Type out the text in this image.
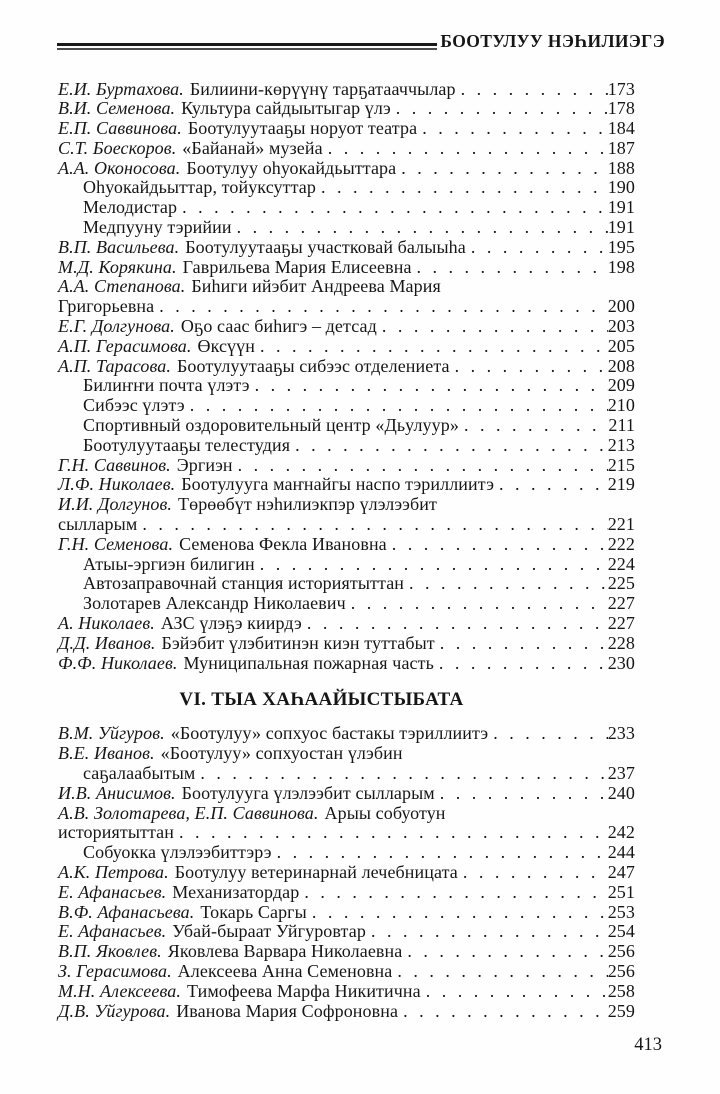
БООТУЛУУ НЭҺИЛИЭГЭ
Е.И. Буртахова. Билиини-көрүүнү тарҕатааччылар . . .	173
В.И. Семенова. Культура сайдыытыгар үлэ . . .	178
Е.П. Саввинова. Боотулуутааҕы норуот театра . . .	184
С.Т. Боескоров. «Байанай» музейа . . .	187
А.А. Оконосова. Боотулуу оһуокайдьыттара . . .	188
Оһуокайдьыттар, тойуксуттар . . .	190
Мелодистар . . .	191
Медпууну тэрийии . . .	191
В.П. Васильева. Боотулуутааҕы участковай балыыһа . . .	195
М.Д. Корякина. Гаврильева Мария Елисеевна . . .	198
А.А. Степанова. Биһиги ийэбит Андреева Мария
Григорьевна . . .	200
Е.Г. Долгунова. Оҕо саас биһигэ – детсад . . .	203
А.П. Герасимова. Өксүүн . . .	205
А.П. Тарасова. Боотулуутааҕы сибээс отделениета . . .	208
Билиҥҥи почта үлэтэ . . .	209
Сибээс үлэтэ . . .	210
Спортивный оздоровительный центр «Дьулуур» . . .	211
Боотулуутааҕы телестудия . . .	213
Г.Н. Саввинов. Эргиэн . . .	215
Л.Ф. Николаев. Боотулууга маҥнайгы наспо тэриллиитэ . . .	219
И.И. Долгунов. Төрөөбүт нэһилиэкпэр үлэлээбит
сылларым . . .	221
Г.Н. Семенова. Семенова Фекла Ивановна . . .	222
Атыы-эргиэн билигин . . .	224
Автозаправочнай станция историятыттан . . .	225
Золотарев Александр Николаевич . . .	227
А. Николаев. АЗС үлэҕэ киирдэ . . .	227
Д.Д. Иванов. Бэйэбит үлэбитинэн киэн туттабыт . . .	228
Ф.Ф. Николаев. Муниципальная пожарная часть . . .	230
VI. ТЫА ХАҺААЙЫСТЫБАТА
В.М. Уйгуров. «Боотулуу» сопхуос бастакы тэриллиитэ . . .	233
В.Е. Иванов. «Боотулуу» сопхуостан үлэбин
саҕалаабытым . . .	237
И.В. Анисимов. Боотулууга үлэлээбит сылларым . . .	240
А.В. Золотарева, Е.П. Саввинова. Арыы собуотун
историятыттан . . .	242
Собуокка үлэлээбиттэрэ . . .	244
А.К. Петрова. Боотулуу ветеринарнай лечебницата . . .	247
Е. Афанасьев. Механизатордар . . .	251
В.Ф. Афанасьева. Токарь Саргы . . .	253
Е. Афанасьев. Убай-быраат Уйгуровтар . . .	254
В.П. Яковлев. Яковлева Варвара Николаевна . . .	256
З. Герасимова. Алексеева Анна Семеновна . . .	256
М.Н. Алексеева. Тимофеева Марфа Никитична . . .	258
Д.В. Уйгурова. Иванова Мария Софроновна . . .	259
413
